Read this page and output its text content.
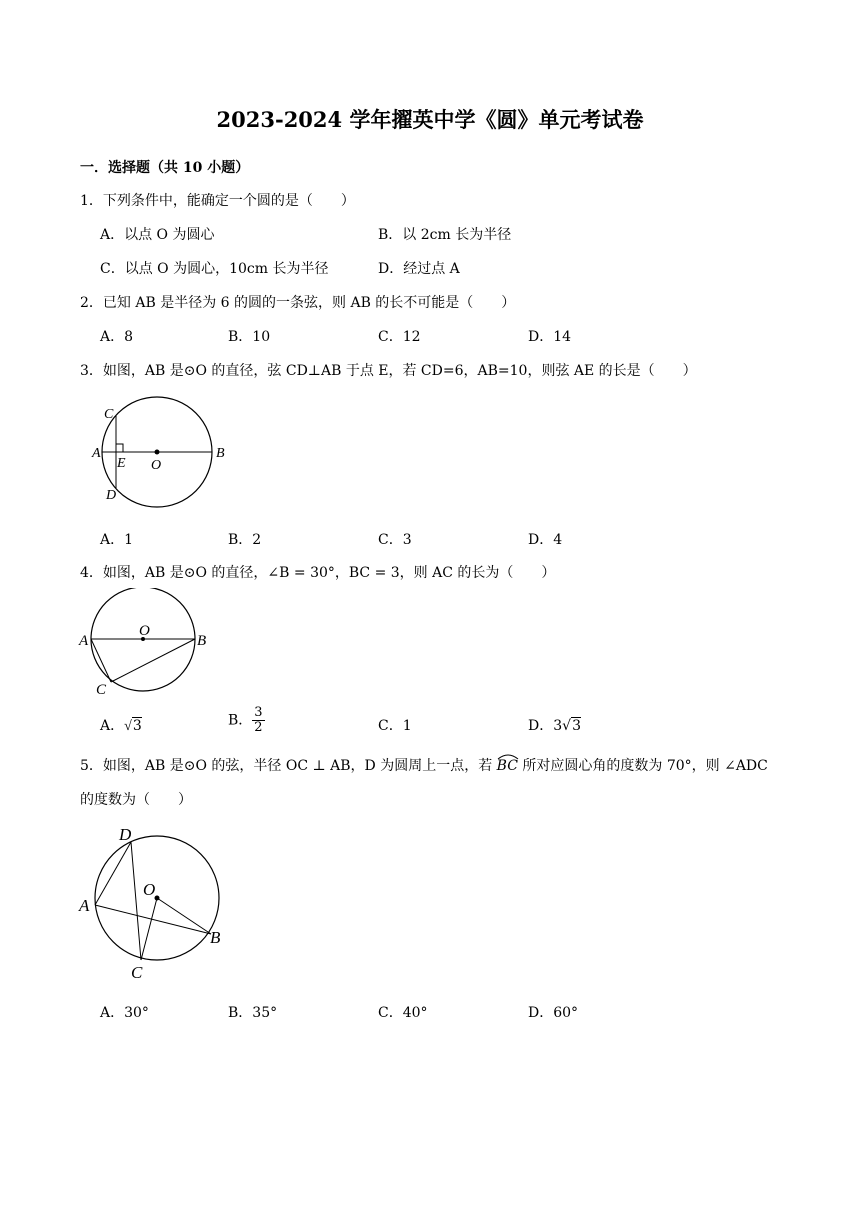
2023-2024 学年擢英中学《圆》单元考试卷
一．选择题（共 10 小题）
1．下列条件中，能确定一个圆的是（　　）
A．以点 O 为圆心	B．以 2cm 长为半径
C．以点 O 为圆心，10cm 长为半径	D．经过点 A
2．已知 AB 是半径为 6 的圆的一条弦，则 AB 的长不可能是（　　）
A．8	B．10	C．12	D．14
3．如图，AB 是⊙O 的直径，弦 CD⊥AB 于点 E，若 CD=6，AB=10，则弦 AE 的长是（　　）
C
A
E O
B
D
A．1	B．2	C．3	D．4
4．如图，AB 是⊙O 的直径，∠B = 30°，BC = 3，则 AC 的长为（　　）
A
O
B
C
A．√3	B． $\frac{3}{2}$	C．1	D．3√3
5．如图，AB 是⊙O 的弦，半径 OC ⊥ AB，D 为圆周上一点，若 BC 所对应圆心角的度数为 70°，则 ∠ADC
的度数为（　　）
D
O
A
B
C
A．30°	B．35°	C．40°	D．60°
